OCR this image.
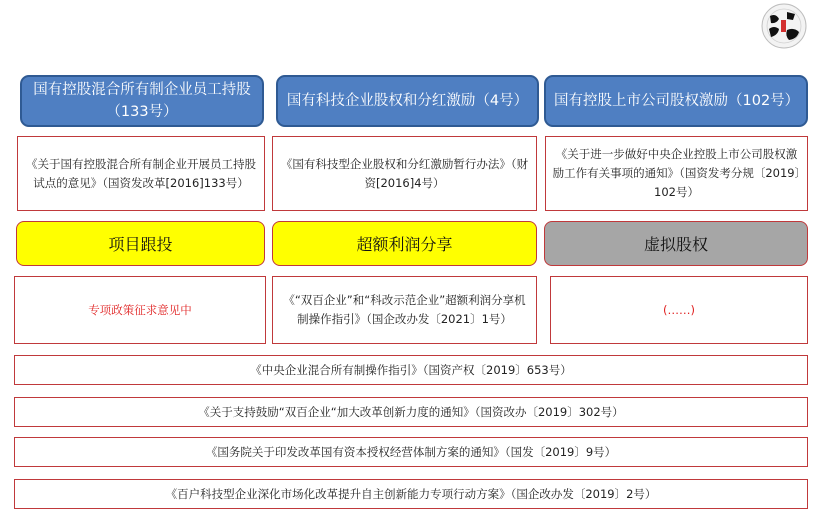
国有控股混合所有制企业员工持股（133号）
国有科技企业股权和分红激励（4号）	国有控股上市公司股权激励（102号）
《关于国有控股混合所有制企业开展员工持股试点的意见》（国资发改革[2016]133号）
《国有科技型企业股权和分红激励暂行办法》（财资[2016]4号）
《关于进一步做好中央企业控股上市公司股权激励工作有关事项的通知》（国资发考分规〔2019〕102号）
项目跟投	超额利润分享	虚拟股权
专项政策征求意见中
《“双百企业”和“科改示范企业”超额利润分享机制操作指引》（国企改办发〔2021〕1号）
(……)
《中央企业混合所有制操作指引》（国资产权〔2019〕653号）
《关于支持鼓励“双百企业“加大改革创新力度的通知》（国资改办〔2019〕302号）
《国务院关于印发改革国有资本授权经营体制方案的通知》（国发〔2019〕9号）
《百户科技型企业深化市场化改革提升自主创新能力专项行动方案》（国企改办发〔2019〕2号）
